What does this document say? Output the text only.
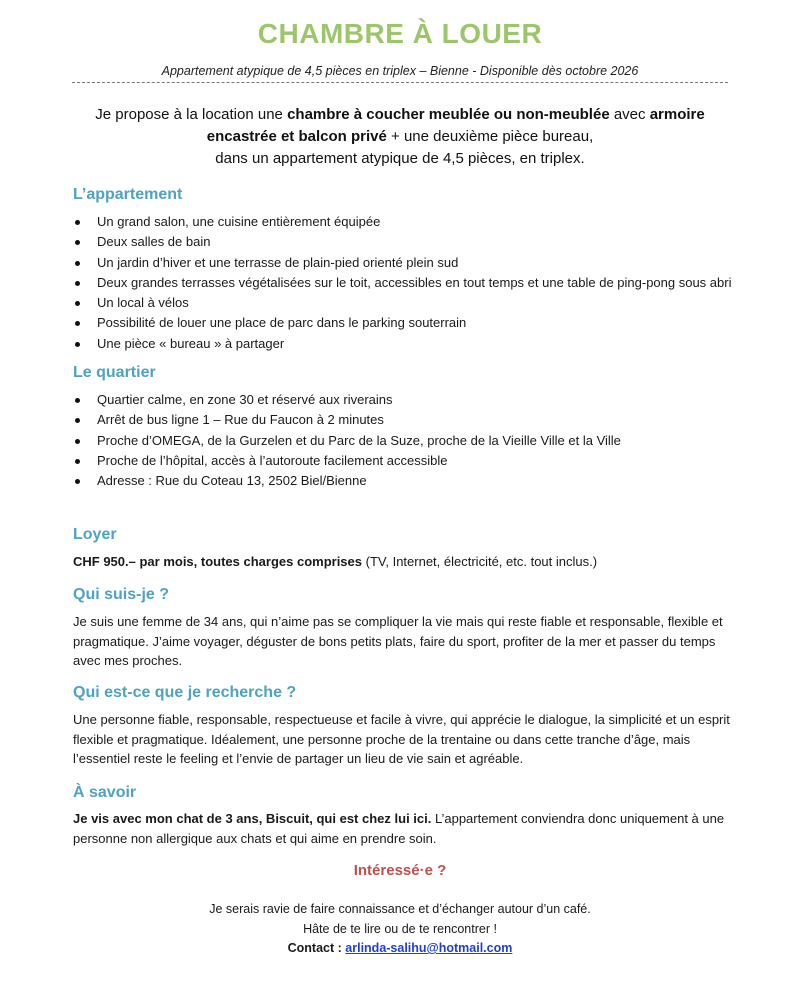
CHAMBRE À LOUER
Appartement atypique de 4,5 pièces en triplex – Bienne - Disponible dès octobre 2026
Je propose à la location une chambre à coucher meublée ou non-meublée avec armoire encastrée et balcon privé + une deuxième pièce bureau,
dans un appartement atypique de 4,5 pièces, en triplex.
L’appartement
Un grand salon, une cuisine entièrement équipée
Deux salles de bain
Un jardin d’hiver et une terrasse de plain-pied orienté plein sud
Deux grandes terrasses végétalisées sur le toit, accessibles en tout temps et une table de ping-pong sous abri
Un local à vélos
Possibilité de louer une place de parc dans le parking souterrain
Une pièce « bureau » à partager
Le quartier
Quartier calme, en zone 30 et réservé aux riverains
Arrêt de bus ligne 1 – Rue du Faucon à 2 minutes
Proche d’OMEGA, de la Gurzelen et du Parc de la Suze, proche de la Vieille Ville et la Ville
Proche de l’hôpital, accès à l’autoroute facilement accessible
Adresse : Rue du Coteau 13, 2502 Biel/Bienne
Loyer
CHF 950.– par mois, toutes charges comprises (TV, Internet, électricité, etc. tout inclus.)
Qui suis-je ?
Je suis une femme de 34 ans, qui n’aime pas se compliquer la vie mais qui reste fiable et responsable, flexible et pragmatique. J’aime voyager, déguster de bons petits plats, faire du sport, profiter de la mer et passer du temps avec mes proches.
Qui est-ce que je recherche ?
Une personne fiable, responsable, respectueuse et facile à vivre, qui apprécie le dialogue, la simplicité et un esprit flexible et pragmatique. Idéalement, une personne proche de la trentaine ou dans cette tranche d’âge, mais l’essentiel reste le feeling et l’envie de partager un lieu de vie sain et agréable.
À savoir
Je vis avec mon chat de 3 ans, Biscuit, qui est chez lui ici. L’appartement conviendra donc uniquement à une personne non allergique aux chats et qui aime en prendre soin.
Intéressé·e ?
Je serais ravie de faire connaissance et d’échanger autour d’un café.
Hâte de te lire ou de te rencontrer !
Contact : arlinda-salihu@hotmail.com
